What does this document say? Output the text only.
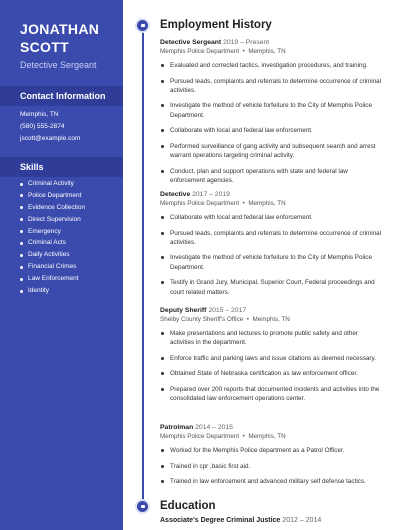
JONATHAN
SCOTT
Detective Sergeant
Contact Information
Memphis, TN
(580) 555-2874
jscott@example.com
Skills
Criminal Activity
Police Department
Evidence Collection
Direct Supervision
Emergency
Criminal Acts
Daily Activities
Financial Crimes
Law Enforcement
Identity
Employment History
Detective Sergeant 2019 – Present
Memphis Police Department  •  Memphis, TN
Evaluated and corrected tactics, investigation procedures, and training.
Pursued leads, complaints and referrals to determine occurrence of criminal activities.
Investigate the method of vehicle forfeiture to the City of Memphis Police Department.
Collaborate with local and federal law enforcement.
Performed surveillance of gang activity and subsequent search and arrest warrant operations targeting criminal activity.
Conduct, plan and support operations with state and federal law enforcement agencies.
Detective 2017 – 2019
Memphis Police Department  •  Memphis, TN
Collaborate with local and federal law enforcement.
Pursued leads, complaints and referrals to determine occurrence of criminal activities.
Investigate the method of vehicle forfeiture to the City of Memphis Police Department.
Testify in Grand Jury, Municipal, Superior Court, Federal proceedings and court related matters.
Deputy Sheriff 2015 – 2017
Shelby County Sheriff's Office  •  Memphis, TN
Make presentations and lectures to promote public safety and other activities in the department.
Enforce traffic and parking laws and issue citations as deemed necessary.
Obtained State of Nebraska certification as law enforcement officer.
Prepared over 200 reports that documented incidents and activities into the consolidated law enforcement operations center.
Patrolman 2014 – 2015
Memphis Police Department  •  Memphis, TN
Worked for the Memphis Police department as a Patrol Officer.
Trained in cpr ,basic first aid.
Trained in law enforcement and advanced military self defense tactics.
Education
Associate's Degree Criminal Justice 2012 – 2014
